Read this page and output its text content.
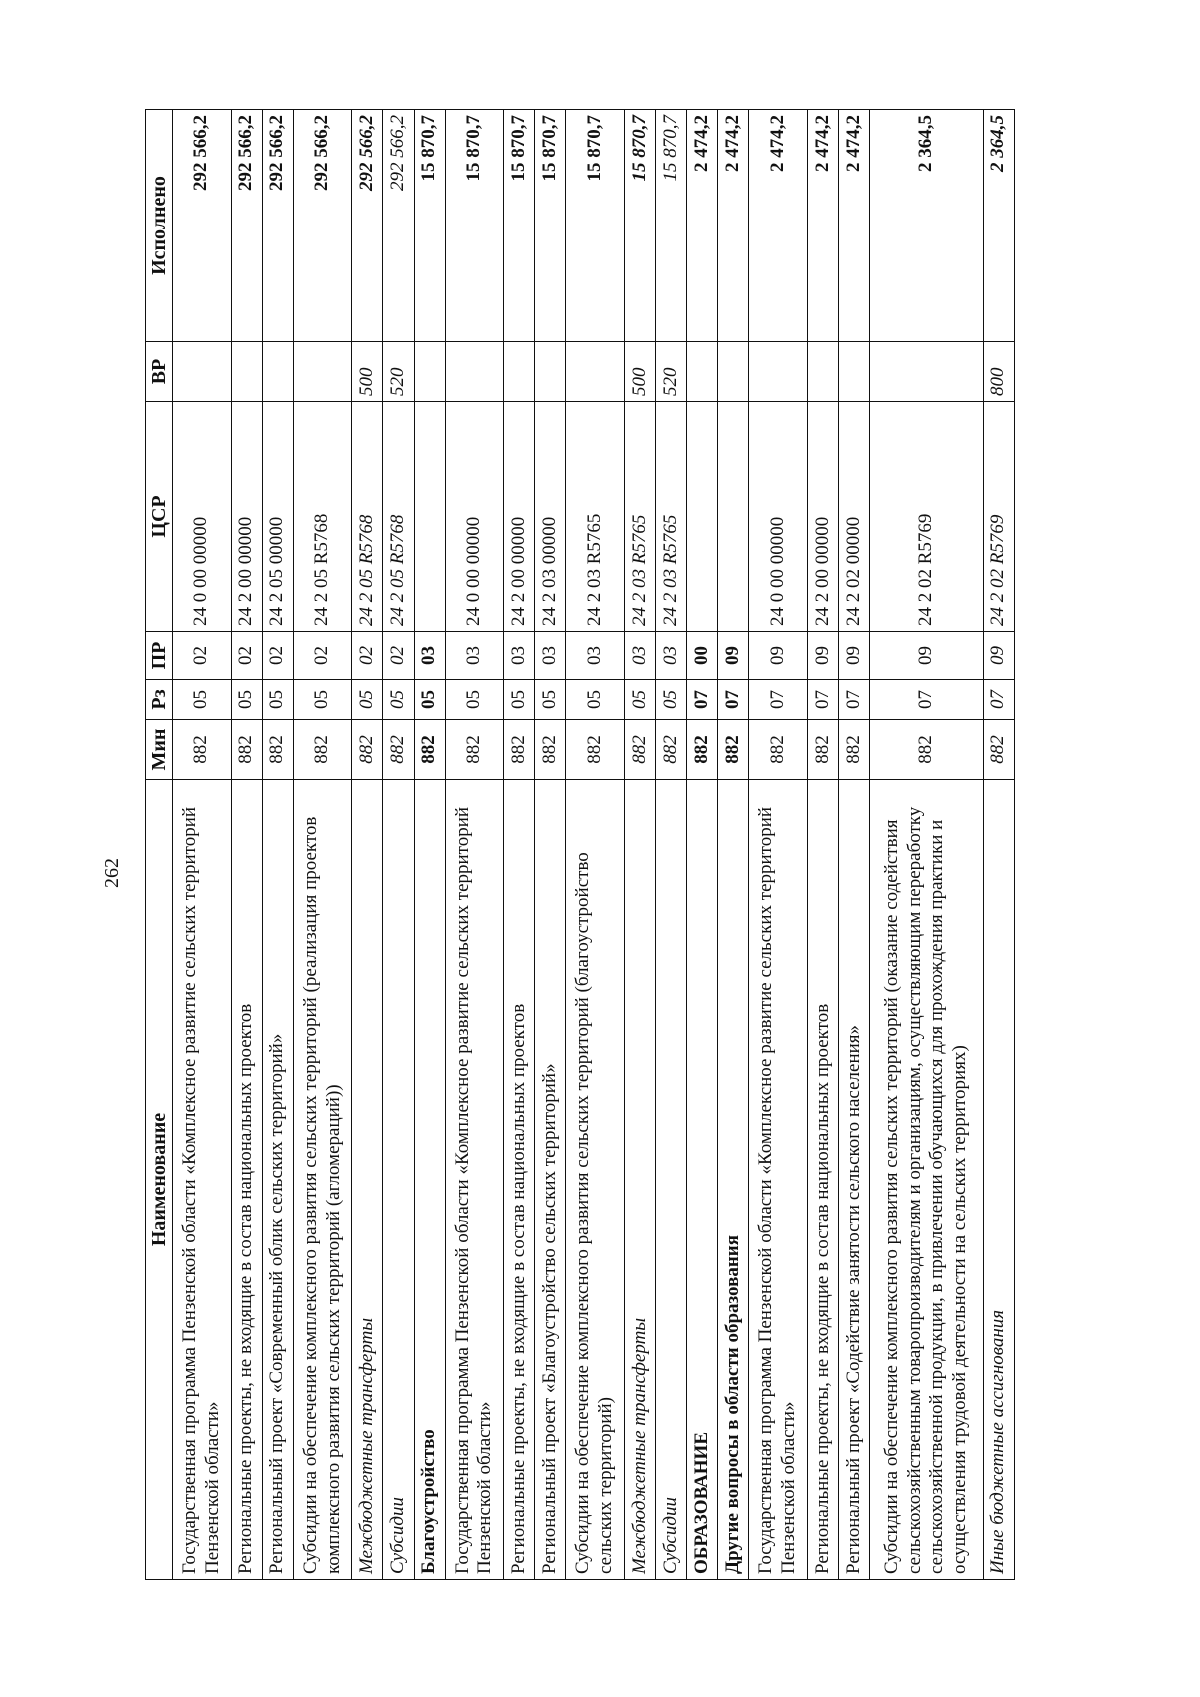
262
Наименование	Мин	Рз	ПР	ЦСР	ВР	Исполнено
Государственная программа Пензенской области «Комплексное развитие сельских территорий Пензенской области»	882	05	02	24 0 00 00000		292 566,2
Региональные проекты, не входящие в состав национальных проектов	882	05	02	24 2 00 00000		292 566,2
Региональный проект «Современный облик сельских территорий»	882	05	02	24 2 05 00000		292 566,2
Субсидии на обеспечение комплексного развития сельских территорий (реализация проектов комплексного развития сельских территорий (агломераций))	882	05	02	24 2 05 R5768		292 566,2
Межбюджетные трансферты	882	05	02	24 2 05 R5768	500	292 566,2
Субсидии	882	05	02	24 2 05 R5768	520	292 566,2
Благоустройство	882	05	03			15 870,7
Государственная программа Пензенской области «Комплексное развитие сельских территорий Пензенской области»	882	05	03	24 0 00 00000		15 870,7
Региональные проекты, не входящие в состав национальных проектов	882	05	03	24 2 00 00000		15 870,7
Региональный проект «Благоустройство сельских территорий»	882	05	03	24 2 03 00000		15 870,7
Субсидии на обеспечение комплексного развития сельских территорий (благоустройство сельских территорий)	882	05	03	24 2 03 R5765		15 870,7
Межбюджетные трансферты	882	05	03	24 2 03 R5765	500	15 870,7
Субсидии	882	05	03	24 2 03 R5765	520	15 870,7
ОБРАЗОВАНИЕ	882	07	00			2 474,2
Другие вопросы в области образования	882	07	09			2 474,2
Государственная программа Пензенской области «Комплексное развитие сельских территорий Пензенской области»	882	07	09	24 0 00 00000		2 474,2
Региональные проекты, не входящие в состав национальных проектов	882	07	09	24 2 00 00000		2 474,2
Региональный проект «Содействие занятости сельского населения»	882	07	09	24 2 02 00000		2 474,2
Субсидии на обеспечение комплексного развития сельских территорий (оказание содействия сельскохозяйственным товаропроизводителям и организациям, осуществляющим переработку сельскохозяйственной продукции, в привлечении обучающихся для прохождения практики и осуществления трудовой деятельности на сельских территориях)	882	07	09	24 2 02 R5769		2 364,5
Иные бюджетные ассигнования	882	07	09	24 2 02 R5769	800	2 364,5
